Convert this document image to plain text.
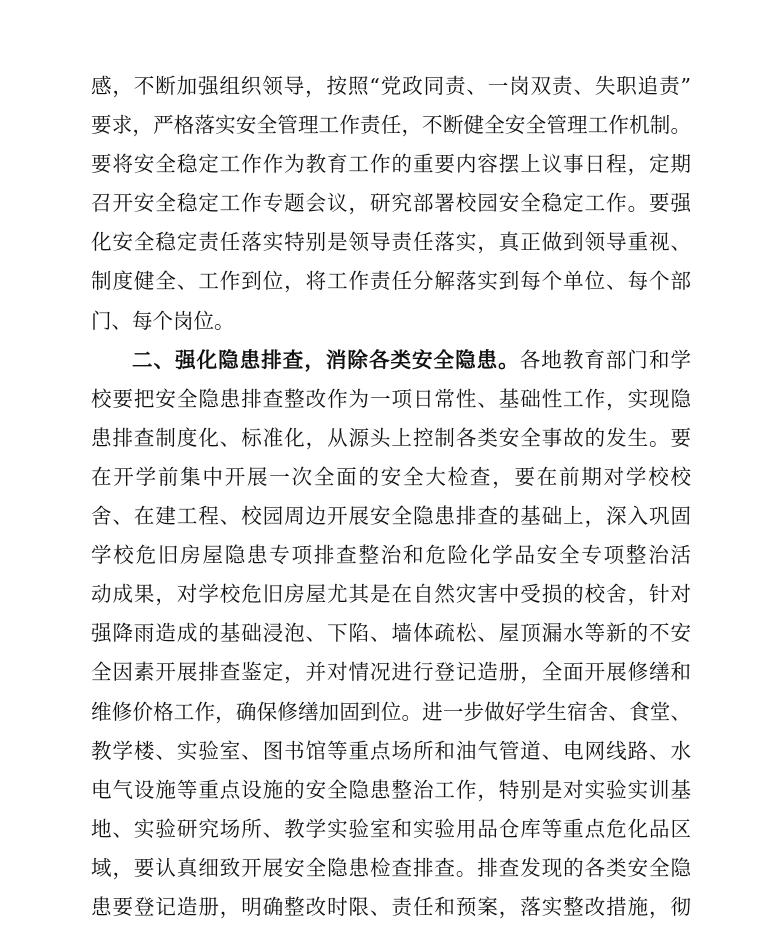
感，不断加强组织领导，按照“党政同责、一岗双责、失职追责”
要求，严格落实安全管理工作责任，不断健全安全管理工作机制。
要将安全稳定工作作为教育工作的重要内容摆上议事日程，定期
召开安全稳定工作专题会议，研究部署校园安全稳定工作。要强
化安全稳定责任落实特别是领导责任落实，真正做到领导重视、
制度健全、工作到位，将工作责任分解落实到每个单位、每个部
门、每个岗位。
二、强化隐患排查，消除各类安全隐患。各地教育部门和学
校要把安全隐患排查整改作为一项日常性、基础性工作，实现隐
患排查制度化、标准化，从源头上控制各类安全事故的发生。要
在开学前集中开展一次全面的安全大检查，要在前期对学校校
舍、在建工程、校园周边开展安全隐患排查的基础上，深入巩固
学校危旧房屋隐患专项排查整治和危险化学品安全专项整治活
动成果，对学校危旧房屋尤其是在自然灾害中受损的校舍，针对
强降雨造成的基础浸泡、下陷、墙体疏松、屋顶漏水等新的不安
全因素开展排查鉴定，并对情况进行登记造册，全面开展修缮和
维修价格工作，确保修缮加固到位。进一步做好学生宿舍、食堂、
教学楼、实验室、图书馆等重点场所和油气管道、电网线路、水
电气设施等重点设施的安全隐患整治工作，特别是对实验实训基
地、实验研究场所、教学实验室和实验用品仓库等重点危化品区
域，要认真细致开展安全隐患检查排查。排查发现的各类安全隐
患要登记造册，明确整改时限、责任和预案，落实整改措施，彻
